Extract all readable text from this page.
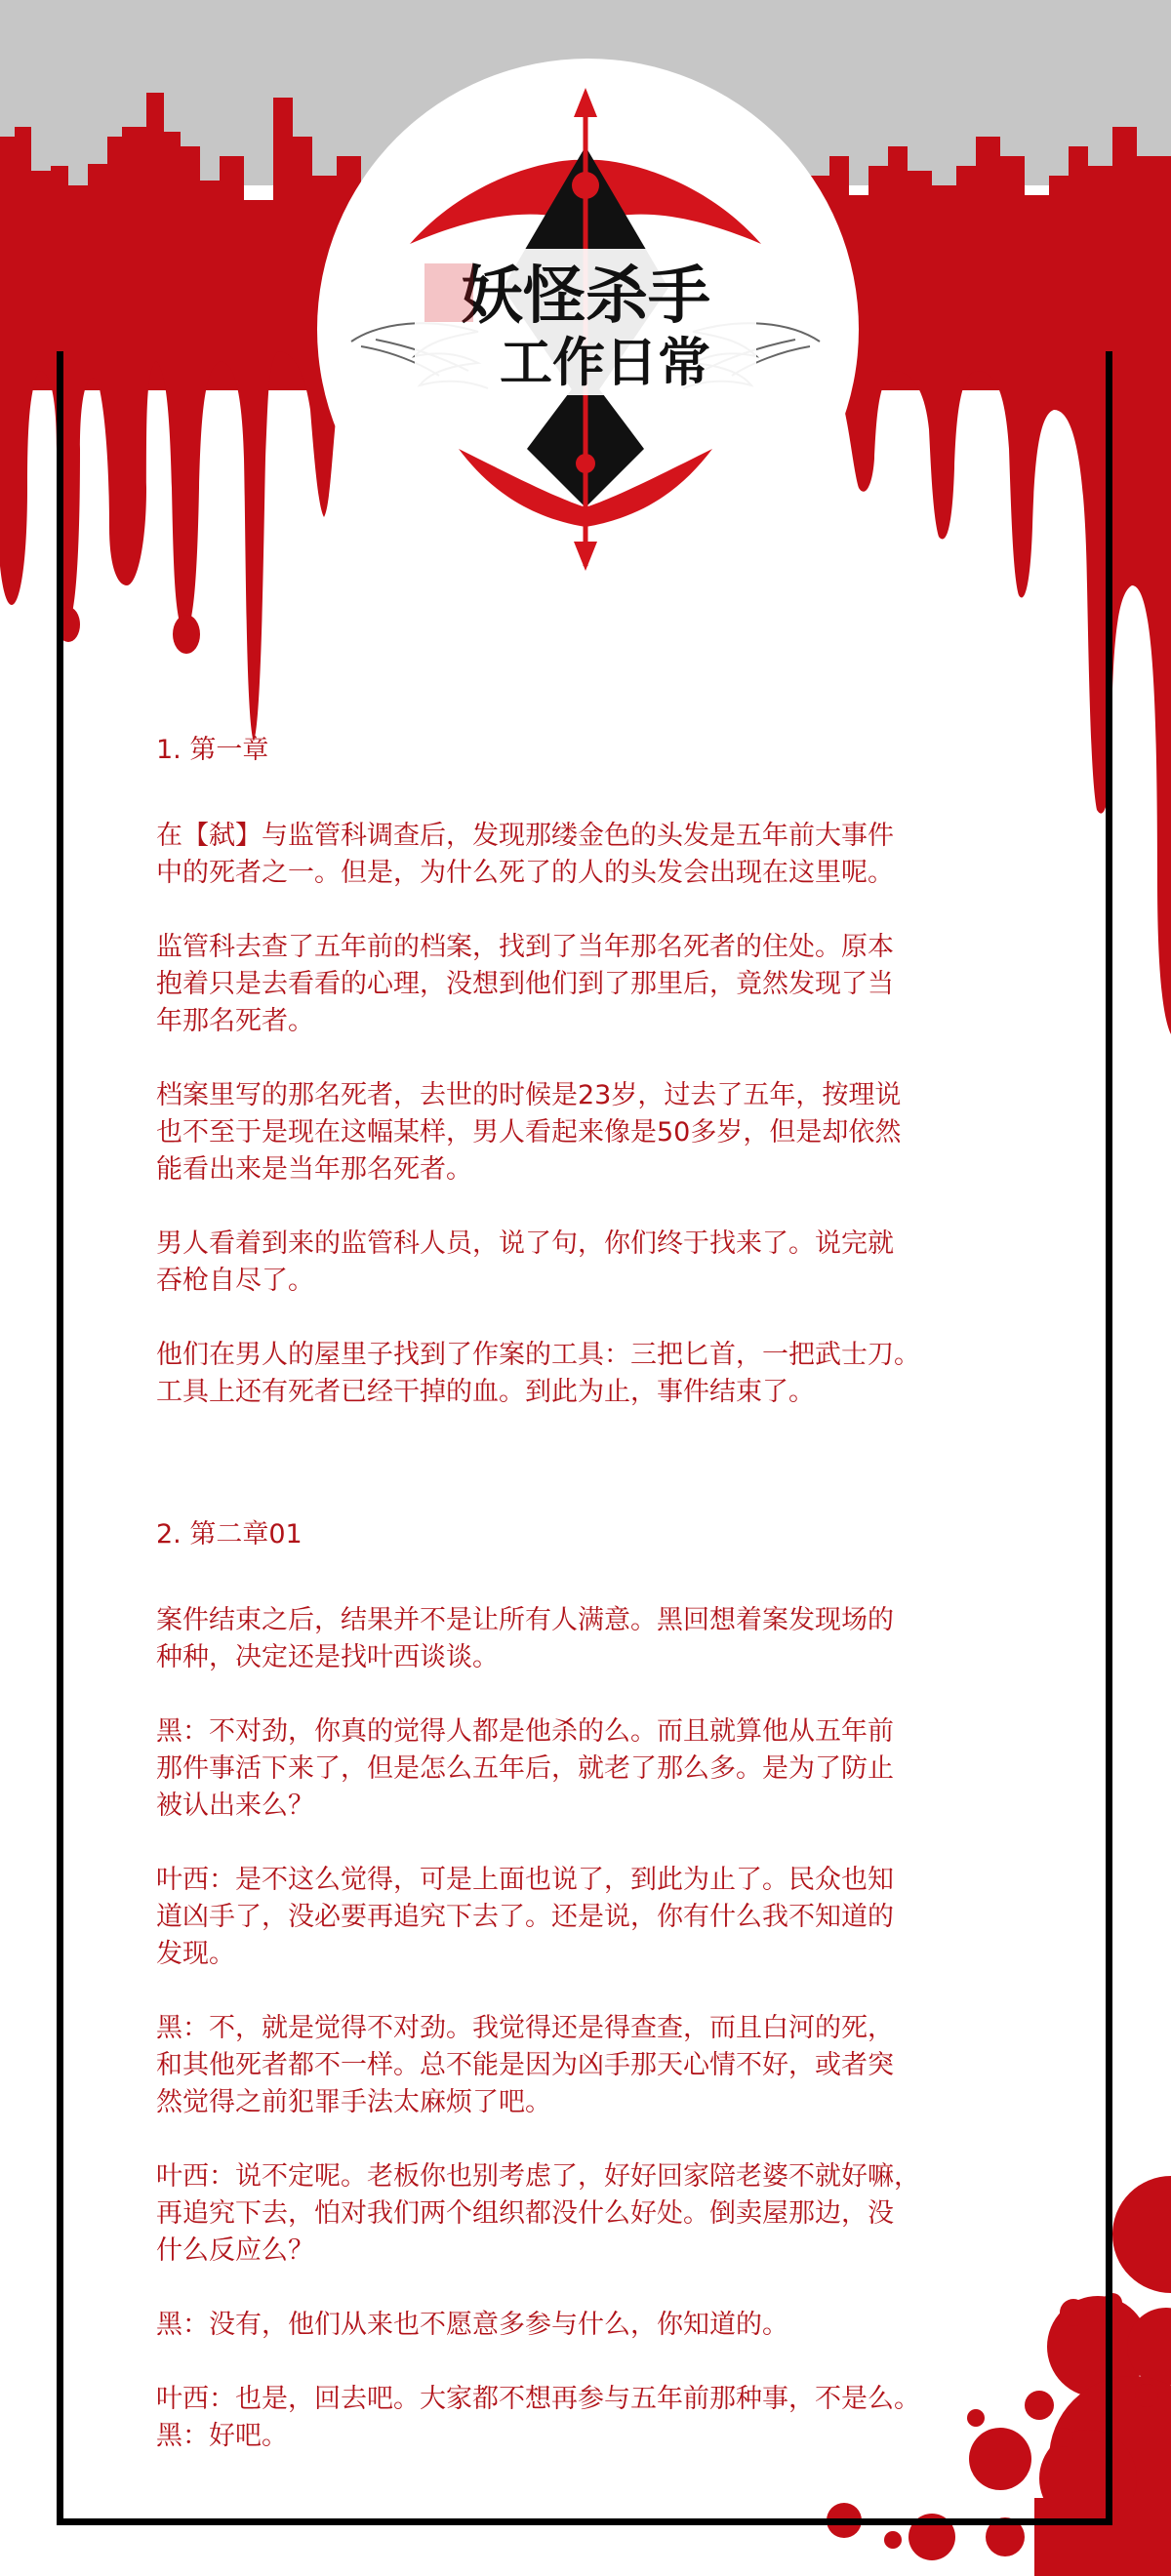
妖怪杀手
工作日常
1. 第一章

在【弑】与监管科调查后，发现那缕金色的头发是五年前大事件
中的死者之一。但是，为什么死了的人的头发会出现在这里呢。

监管科去查了五年前的档案，找到了当年那名死者的住处。原本
抱着只是去看看的心理，没想到他们到了那里后，竟然发现了当
年那名死者。

档案里写的那名死者，去世的时候是23岁，过去了五年，按理说
也不至于是现在这幅某样，男人看起来像是50多岁，但是却依然
能看出来是当年那名死者。

男人看着到来的监管科人员，说了句，你们终于找来了。说完就
吞枪自尽了。

他们在男人的屋里子找到了作案的工具：三把匕首，一把武士刀。
工具上还有死者已经干掉的血。到此为止，事件结束了。

2. 第二章01

案件结束之后，结果并不是让所有人满意。黑回想着案发现场的
种种，决定还是找叶西谈谈。

黑：不对劲，你真的觉得人都是他杀的么。而且就算他从五年前
那件事活下来了，但是怎么五年后，就老了那么多。是为了防止
被认出来么？

叶西：是不这么觉得，可是上面也说了，到此为止了。民众也知
道凶手了，没必要再追究下去了。还是说，你有什么我不知道的
发现。

黑：不，就是觉得不对劲。我觉得还是得查查，而且白河的死，
和其他死者都不一样。总不能是因为凶手那天心情不好，或者突
然觉得之前犯罪手法太麻烦了吧。

叶西：说不定呢。老板你也别考虑了，好好回家陪老婆不就好嘛，
再追究下去，怕对我们两个组织都没什么好处。倒卖屋那边，没
什么反应么？

黑：没有，他们从来也不愿意多参与什么，你知道的。

叶西：也是，回去吧。大家都不想再参与五年前那种事，不是么。
黑：好吧。
